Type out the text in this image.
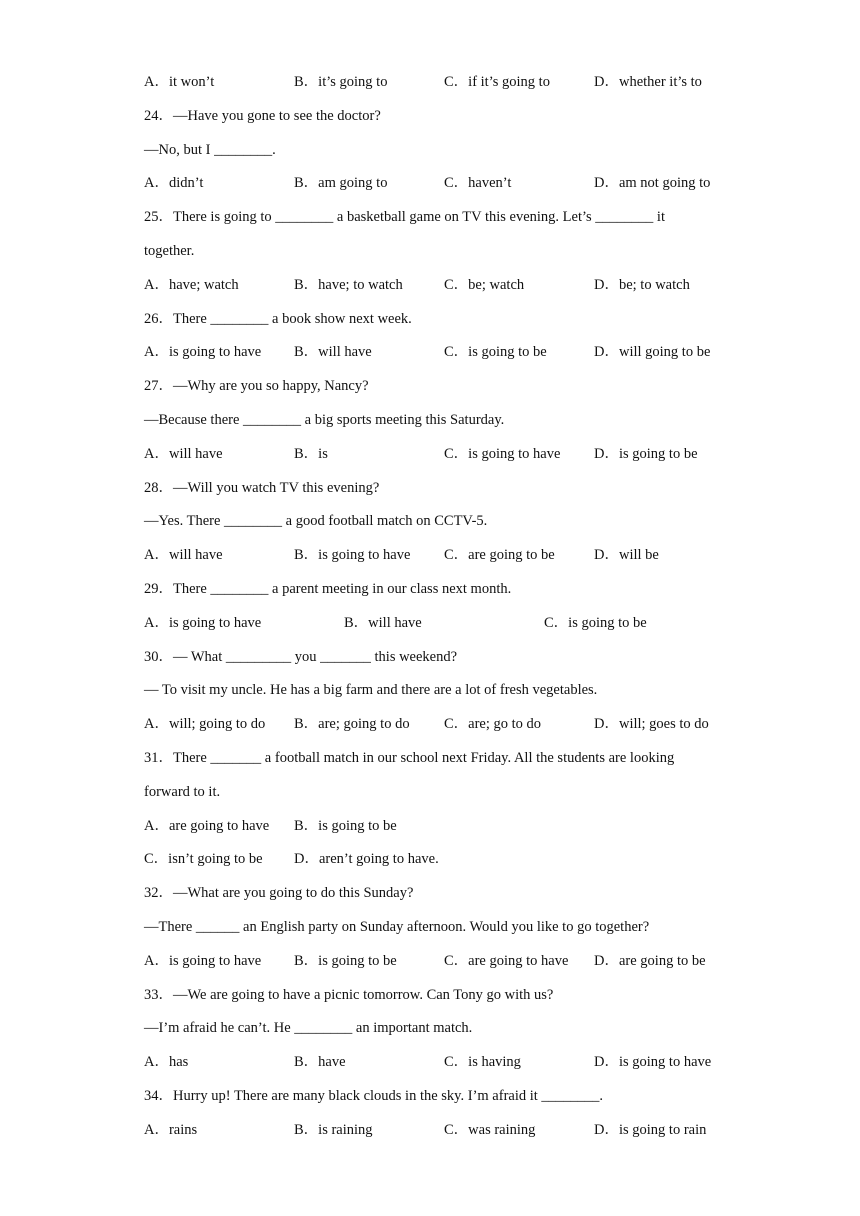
A．it won’t	B．it’s going to	C．if it’s going to	D．whether it’s to
24．—Have you gone to see the doctor?
—No, but I ________.
A．didn’t	B．am going to	C．haven’t	D．am not going to
25．There is going to ________ a basketball game on TV this evening. Let’s ________ it
together.
A．have; watch	B．have; to watch	C．be; watch	D．be; to watch
26．There ________ a book show next week.
A．is going to have B．will have	C．is going to be	D．will going to be
27．—Why are you so happy, Nancy?
—Because there ________ a big sports meeting this Saturday.
A．will have	B．is	C．is going to have D．is going to be
28．—Will you watch TV this evening?
—Yes. There ________ a good football match on CCTV-5.
A．will have	B．is going to have C．are going to be	D．will be
29．There ________ a parent meeting in our class next month.
A．is going to have	B．will have	C．is going to be
30．— What _________ you _______ this weekend?
— To visit my uncle. He has a big farm and there are a lot of fresh vegetables.
A．will; going to do B．are; going to do C．are; go to do	D．will; goes to do
31．There _______ a football match in our school next Friday. All the students are looking
forward to it.
A．are going to have B．is going to be
C．isn’t going to be D．aren’t going to have.
32．—What are you going to do this Sunday?
—There ______ an English party on Sunday afternoon. Would you like to go together?
A．is going to have B．is going to be	C．are going to have D．are going to be
33．—We are going to have a picnic tomorrow. Can Tony go with us?
—I’m afraid he can’t. He ________ an important match.
A．has	B．have	C．is having	D．is going to have
34．Hurry up! There are many black clouds in the sky. I’m afraid it ________.
A．rains	B．is raining	C．was raining	D．is going to rain
